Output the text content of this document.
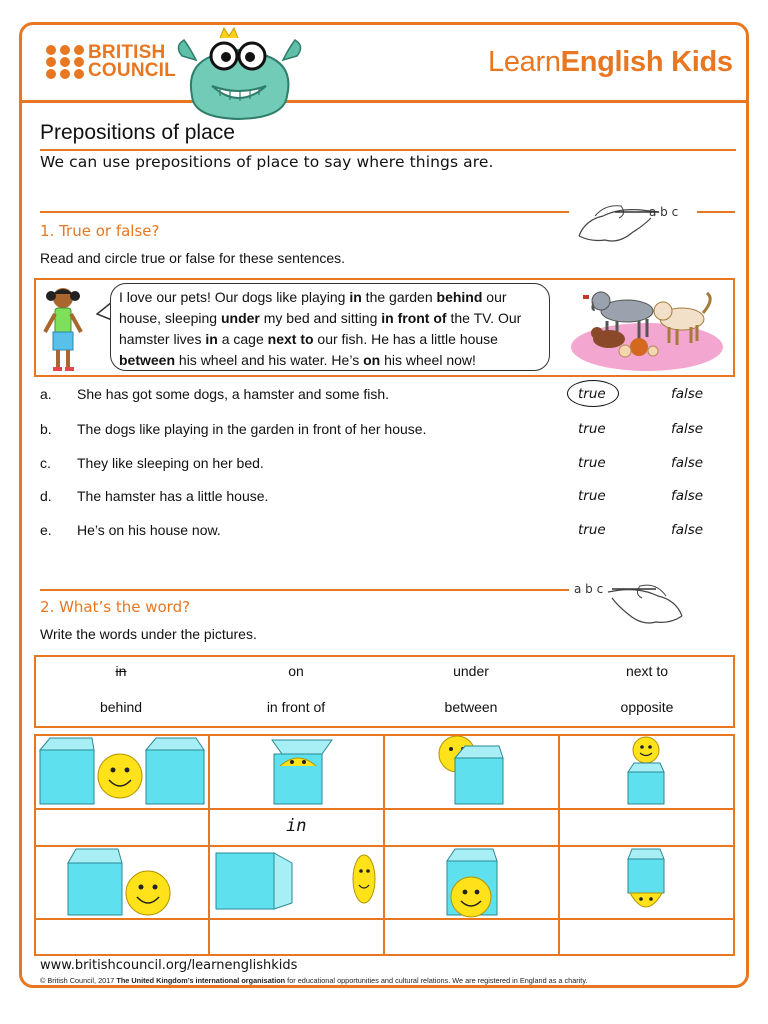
BRITISH
COUNCIL	LearnEnglish Kids
Prepositions of place
We can use prepositions of place to say where things are.
a b c
1. True or false?
Read and circle true or false for these sentences.
I love our pets! Our dogs like playing in the garden behind our house, sleeping under my bed and sitting in front of the TV. Our hamster lives in a cage next to our fish. He has a little house between his wheel and his water. He’s on his wheel now!
a. She has got some dogs, a hamster and some fish.	true	false
b. The dogs like playing in the garden in front of her house.	true	false
c. They like sleeping on her bed.	true	false
d. The hamster has a little house.	true	false
e. He’s on his house now.	true	false
a b c
2. What’s the word?
Write the words under the pictures.
in	on	under	next to
behind	in front of	between	opposite
in
www.britishcouncil.org/learnenglishkids
© British Council, 2017 The United Kingdom’s international organisation for educational opportunities and cultural relations. We are registered in England as a charity.
